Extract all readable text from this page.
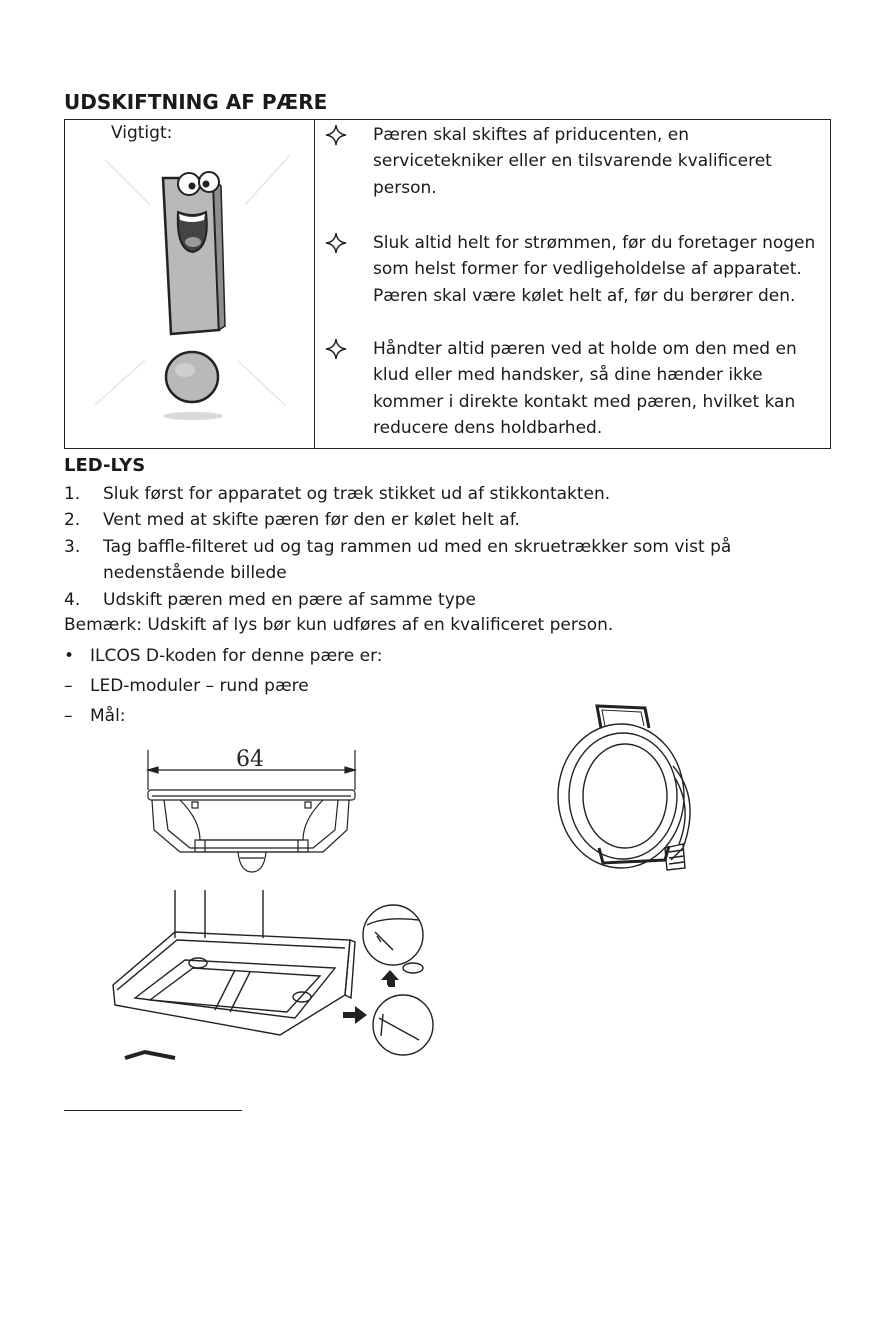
UDSKIFTNING AF PÆRE
Vigtigt:	Pæren skal skiftes af priducenten, en servicetekniker eller en tilsvarende kvalificeret person.
Sluk altid helt for strømmen, før du foretager nogen som helst former for vedligeholdelse af apparatet. Pæren skal være kølet helt af, før du berører den.
Håndter altid pæren ved at holde om den med en klud eller med handsker, så dine hænder ikke kommer i direkte kontakt med pæren, hvilket kan reducere dens holdbarhed.
LED-LYS
1. Sluk først for apparatet og træk stikket ud af stikkontakten.
2. Vent med at skifte pæren før den er kølet helt af.
3. Tag baffle-filteret ud og tag rammen ud med en skruetrækker som vist på nedenstående billede
4. Udskift pæren med en pære af samme type
Bemærk: Udskift af lys bør kun udføres af en kvalificeret person.
• ILCOS D-koden for denne pære er:
– LED-moduler – rund pære
– Mål:
64
